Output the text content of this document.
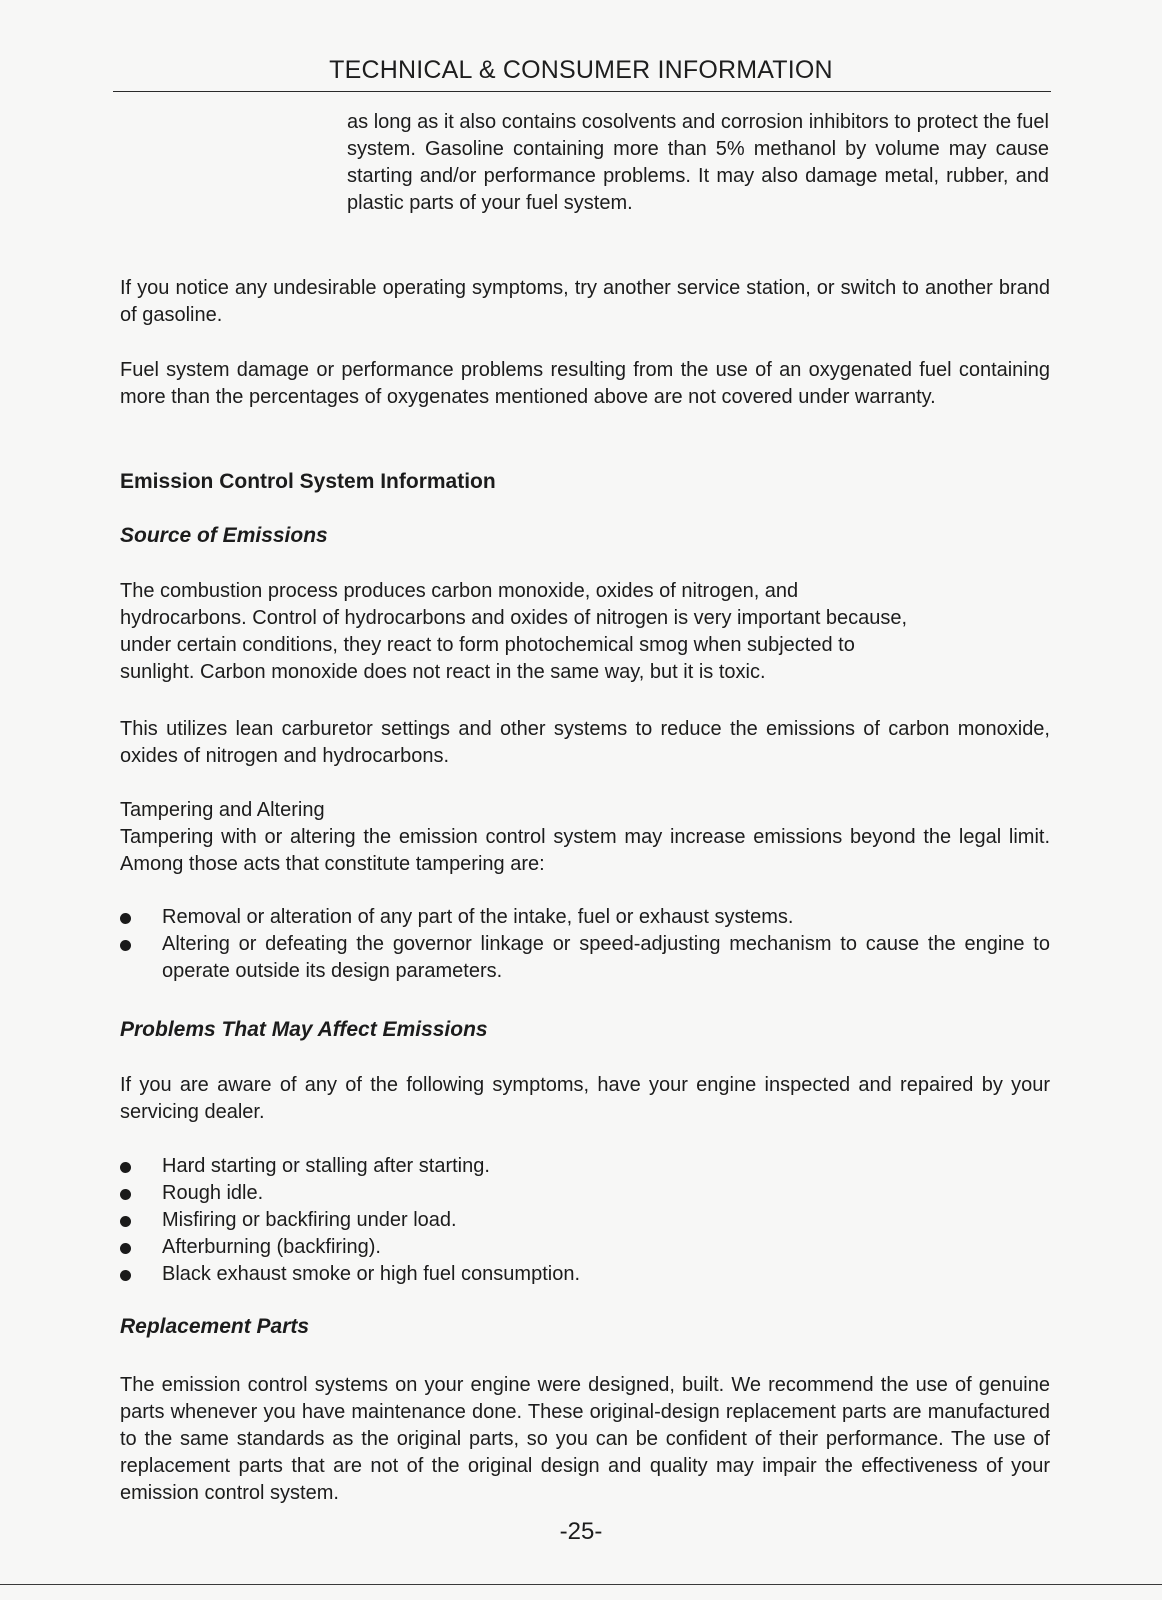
TECHNICAL & CONSUMER INFORMATION

as long as it also contains cosolvents and corrosion inhibitors to protect the fuel system. Gasoline containing more than 5% methanol by volume may cause starting and/or performance problems. It may also damage metal, rubber, and plastic parts of your fuel system.

If you notice any undesirable operating symptoms, try another service station, or switch to another brand of gasoline.

Fuel system damage or performance problems resulting from the use of an oxygenated fuel containing more than the percentages of oxygenates mentioned above are not covered under warranty.

Emission Control System Information
Source of Emissions
The combustion process produces carbon monoxide, oxides of nitrogen, and
hydrocarbons. Control of hydrocarbons and oxides of nitrogen is very important because,
under certain conditions, they react to form photochemical smog when subjected to
sunlight. Carbon monoxide does not react in the same way, but it is toxic.

This utilizes lean carburetor settings and other systems to reduce the emissions of carbon monoxide, oxides of nitrogen and hydrocarbons.

Tampering and Altering

Tampering with or altering the emission control system may increase emissions beyond the legal limit. Among those acts that constitute tampering are:

Removal or alteration of any part of the intake, fuel or exhaust systems.
Altering or defeating the governor linkage or speed-adjusting mechanism to cause the engine to operate outside its design parameters.
Problems That May Affect Emissions

If you are aware of any of the following symptoms, have your engine inspected and repaired by your servicing dealer.

Hard starting or stalling after starting.
Rough idle.
Misfiring or backfiring under load.
Afterburning (backfiring).
Black exhaust smoke or high fuel consumption.
Replacement Parts

The emission control systems on your engine were designed, built. We recommend the use of genuine parts whenever you have maintenance done. These original-design replacement parts are manufactured to the same standards as the original parts, so you can be confident of their performance. The use of replacement parts that are not of the original design and quality may impair the effectiveness of your emission control system.

-25-
